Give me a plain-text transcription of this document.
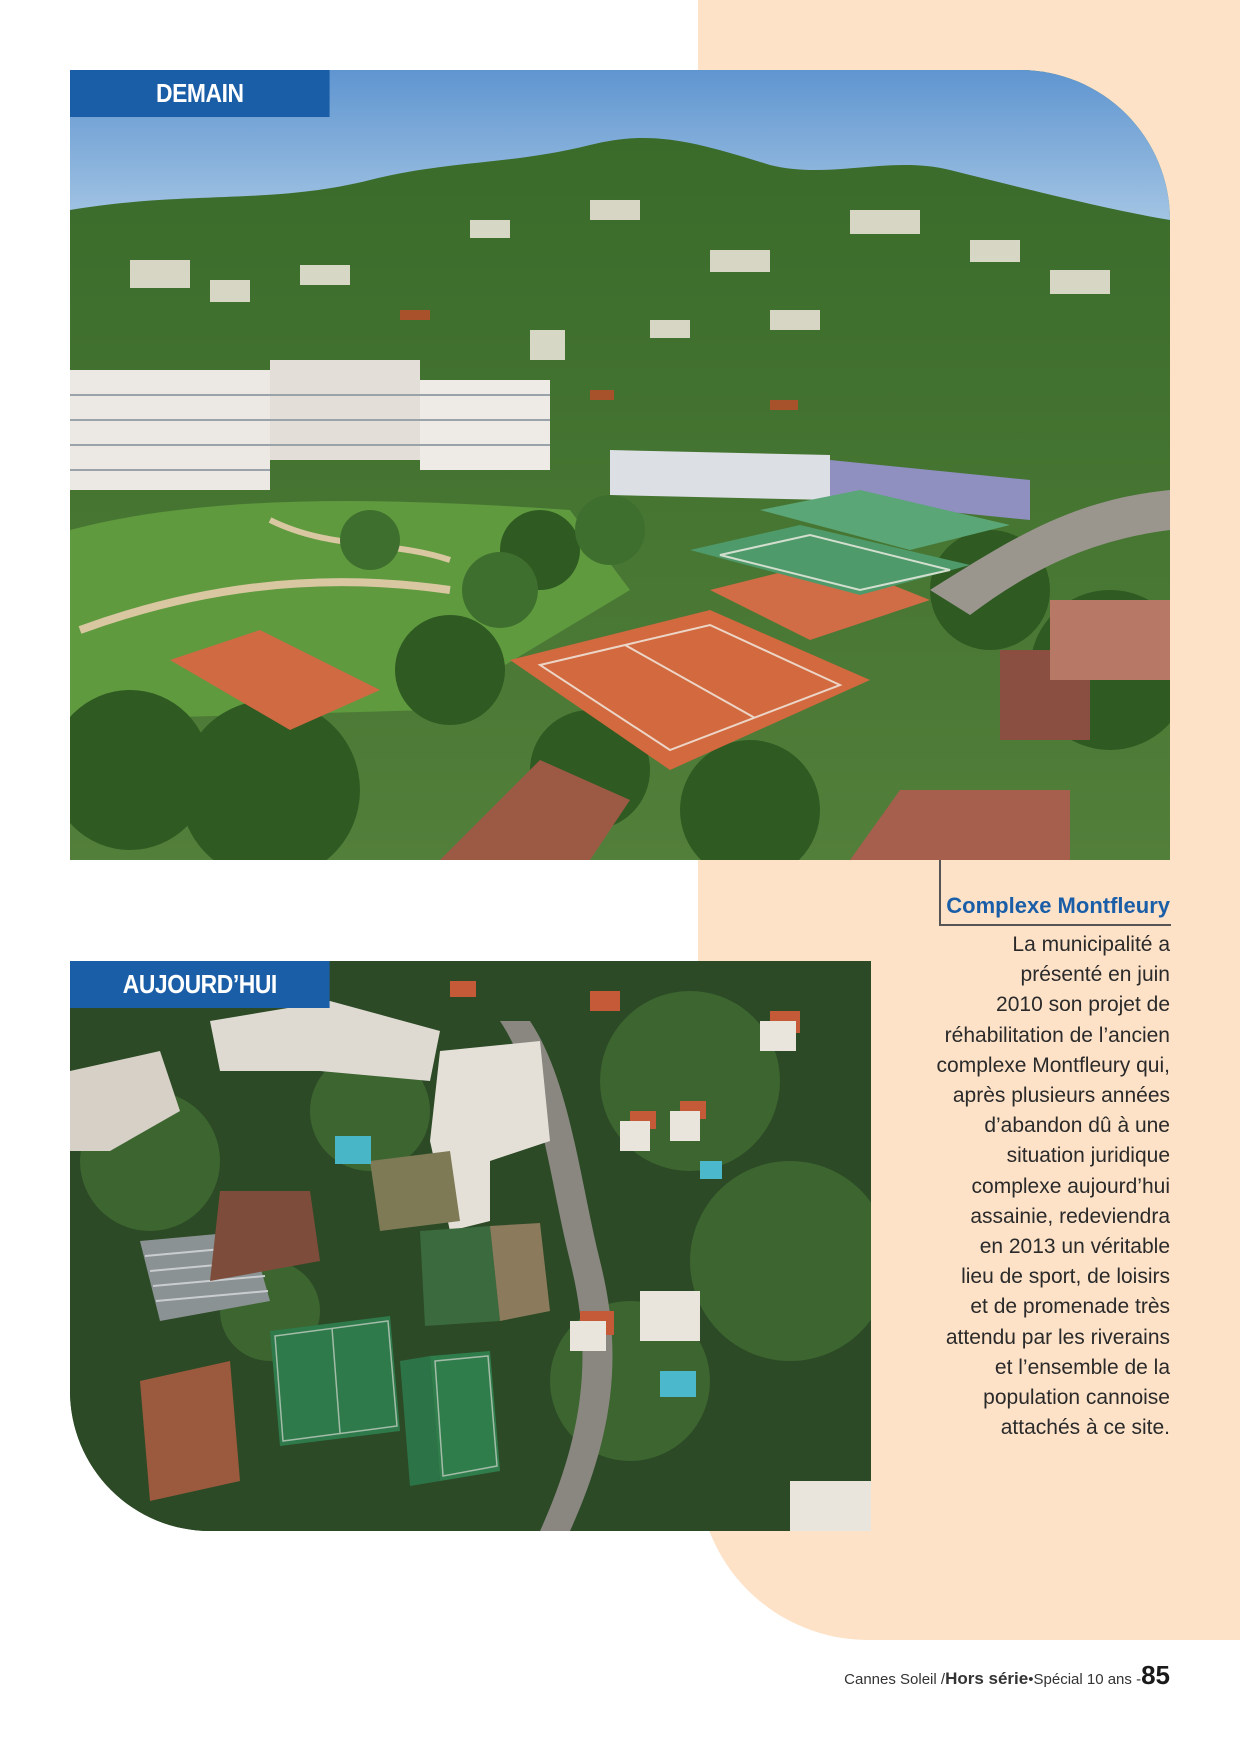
DEMAIN
AUJOURD’HUI
Complexe Montfleury
La municipalité a
présenté en juin
2010 son projet de
réhabilitation de l’ancien
complexe Montfleury qui,
après plusieurs années
d’abandon dû à une
situation juridique
complexe aujourd’hui
assainie, redeviendra
en 2013 un véritable
lieu de sport, de loisirs
et de promenade très
attendu par les riverains
et l’ensemble de la
population cannoise
attachés à ce site.
Cannes Soleil / Hors série • Spécial 10 ans - 85
